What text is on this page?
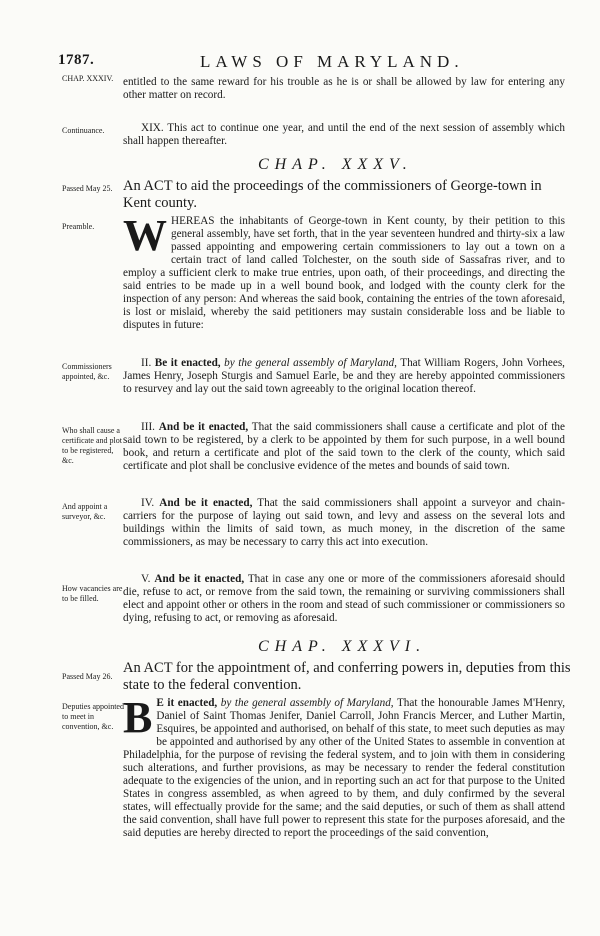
1787.	LAWS OF MARYLAND.
CHAP. XXXIV.
Continuance.
Passed May 25.
Preamble.
Commissioners appointed, &c.
Who shall cause a certificate and plot to be registered, &c.
And appoint a surveyor, &c.
How vacancies are to be filled.
Passed May 26.
Deputies appointed to meet in convention, &c.

entitled to the same reward for his trouble as he is or shall be allowed by law for entering any other matter on record.

XIX. This act to continue one year, and until the end of the next session of assembly which shall happen thereafter.

CHAP. XXXV.
An ACT to aid the proceedings of the commissioners of George-town in Kent county.

WHEREAS the inhabitants of George-town in Kent county, by their petition to this general assembly, have set forth, that in the year seventeen hundred and thirty-six a law passed appointing and empowering certain commissioners to lay out a town on a certain tract of land called Tolchester, on the south side of Sassafras river, and to employ a sufficient clerk to make true entries, upon oath, of their proceedings, and directing the said entries to be made up in a well bound book, and lodged with the county clerk for the inspection of any person: And whereas the said book, containing the entries of the town aforesaid, is lost or mislaid, whereby the said petitioners may sustain considerable loss and be liable to disputes in future:

II. Be it enacted, by the general assembly of Maryland, That William Rogers, John Vorhees, James Henry, Joseph Sturgis and Samuel Earle, be and they are hereby appointed commissioners to resurvey and lay out the said town agreeably to the original location thereof.

III. And be it enacted, That the said commissioners shall cause a certificate and plot of the said town to be registered, by a clerk to be appointed by them for such purpose, in a well bound book, and return a certificate and plot of the said town to the clerk of the county, which said certificate and plot shall be conclusive evidence of the metes and bounds of said town.

IV. And be it enacted, That the said commissioners shall appoint a surveyor and chain-carriers for the purpose of laying out said town, and levy and assess on the several lots and buildings within the limits of said town, as much money, in the discretion of the same commissioners, as may be necessary to carry this act into execution.

V. And be it enacted, That in case any one or more of the commissioners aforesaid should die, refuse to act, or remove from the said town, the remaining or surviving commissioners shall elect and appoint other or others in the room and stead of such commissioner or commissioners so dying, refusing to act, or removing as aforesaid.

CHAP. XXXVI.
An ACT for the appointment of, and conferring powers in, deputies from this state to the federal convention.

B E it enacted, by the general assembly of Maryland, That the honourable James M'Henry, Daniel of Saint Thomas Jenifer, Daniel Carroll, John Francis Mercer, and Luther Martin, Esquires, be appointed and authorised, on behalf of this state, to meet such deputies as may be appointed and authorised by any other of the United States to assemble in convention at Philadelphia, for the purpose of revising the federal system, and to join with them in considering such alterations, and further provisions, as may be necessary to render the federal constitution adequate to the exigencies of the union, and in reporting such an act for that purpose to the United States in congress assembled, as when agreed to by them, and duly confirmed by the several states, will effectually provide for the same; and the said deputies, or such of them as shall attend the said convention, shall have full power to represent this state for the purposes aforesaid, and the said deputies are hereby directed to report the proceedings of the said convention,
